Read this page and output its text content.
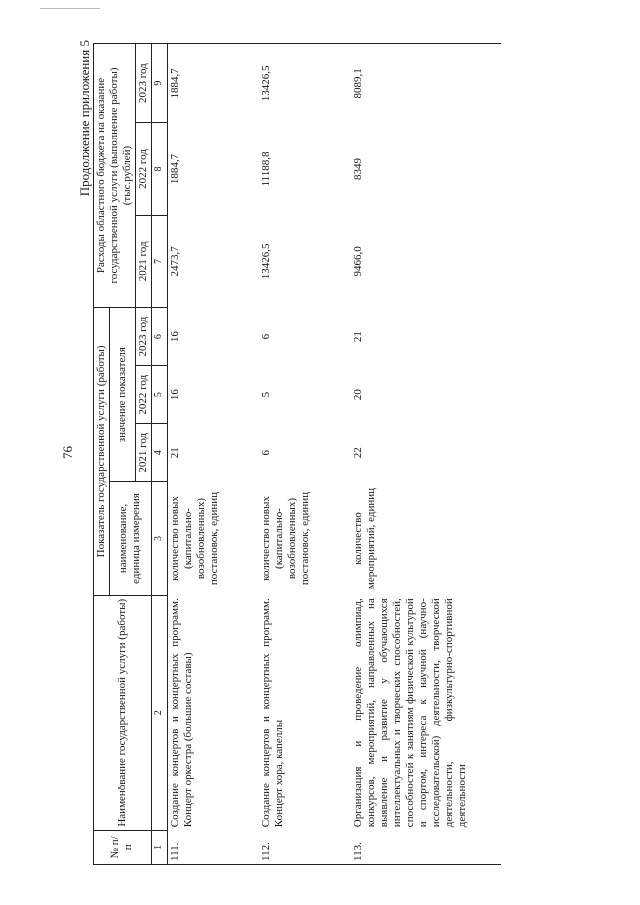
76
Продолжение приложения 5
№ п/п	Наименование государственной услуги (работы)	Показатель государственной услуги (работы)				Расходы областного бюджета на оказание государственной услуги (выполнение работы) (тыс.рублей)		
		наименование, единица измерения	значение показателя					
			2021 год	2022 год	2023 год	2021 год	2022 год	2023 год
1	2	3	4	5	6	7	8	9
111.	Создание концертов и концертных программ. Концерт оркестра (большие составы)	количество новых (капитально-возобновленных) постановок, единиц	21	16	16	2473,7	1884,7	1884,7
112.	Создание концертов и концертных программ. Концерт хора, капеллы	количество новых (капитально-возобновленных) постановок, единиц	6	5	6	13426,5	11188,8	13426,5
113.	Организация и проведение олимпиад, конкурсов, мероприятий, направленных на выявление и развитие у обучающихся интеллектуальных и творческих способностей, способностей к занятиям физической культурой и спортом, интереса к научной (научно-исследовательской) деятельности, творческой деятельности, физкультурно-спортивной деятельности	количество мероприятий, единиц	22	20	21	9466,0	8349	8089,1
